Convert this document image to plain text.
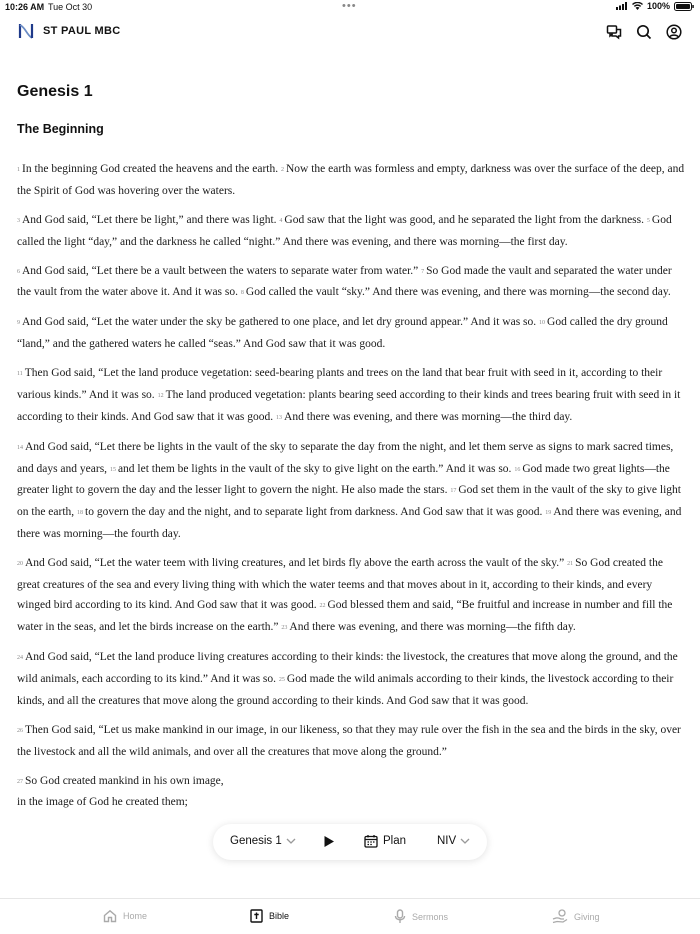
10:26 AM Tue Oct 30	•••	100%
ST PAUL MBC
Genesis 1
The Beginning

1 In the beginning God created the heavens and the earth. 2 Now the earth was formless and empty, darkness was over the surface of the deep, and the Spirit of God was hovering over the waters.

3 And God said, “Let there be light,” and there was light. 4 God saw that the light was good, and he separated the light from the darkness. 5 God called the light “day,” and the darkness he called “night.” And there was evening, and there was morning—the first day.

6 And God said, “Let there be a vault between the waters to separate water from water.” 7 So God made the vault and separated the water under the vault from the water above it. And it was so. 8 God called the vault “sky.” And there was evening, and there was morning—the second day.

9 And God said, “Let the water under the sky be gathered to one place, and let dry ground appear.” And it was so. 10 God called the dry ground “land,” and the gathered waters he called “seas.” And God saw that it was good.

11 Then God said, “Let the land produce vegetation: seed-bearing plants and trees on the land that bear fruit with seed in it, according to their various kinds.” And it was so. 12 The land produced vegetation: plants bearing seed according to their kinds and trees bearing fruit with seed in it according to their kinds. And God saw that it was good. 13 And there was evening, and there was morning—the third day.

14 And God said, “Let there be lights in the vault of the sky to separate the day from the night, and let them serve as signs to mark sacred times, and days and years, 15 and let them be lights in the vault of the sky to give light on the earth.” And it was so. 16 God made two great lights—the greater light to govern the day and the lesser light to govern the night. He also made the stars. 17 God set them in the vault of the sky to give light on the earth, 18 to govern the day and the night, and to separate light from darkness. And God saw that it was good. 19 And there was evening, and there was morning—the fourth day.

20 And God said, “Let the water teem with living creatures, and let birds fly above the earth across the vault of the sky.” 21 So God created the great creatures of the sea and every living thing with which the water teems and that moves about in it, according to their kinds, and every winged bird according to its kind. And God saw that it was good. 22 God blessed them and said, “Be fruitful and increase in number and fill the water in the seas, and let the birds increase on the earth.” 23 And there was evening, and there was morning—the fifth day.

24 And God said, “Let the land produce living creatures according to their kinds: the livestock, the creatures that move along the ground, and the wild animals, each according to its kind.” And it was so. 25 God made the wild animals according to their kinds, the livestock according to their kinds, and all the creatures that move along the ground according to their kinds. And God saw that it was good.

26 Then God said, “Let us make mankind in our image, in our likeness, so that they may rule over the fish in the sea and the birds in the sky, over the livestock and all the wild animals, and over all the creatures that move along the ground.”

27 So God created mankind in his own image,
in the image of God he created them;
Genesis 1	Plan	NIV
Home	Bible	Sermons	Giving
